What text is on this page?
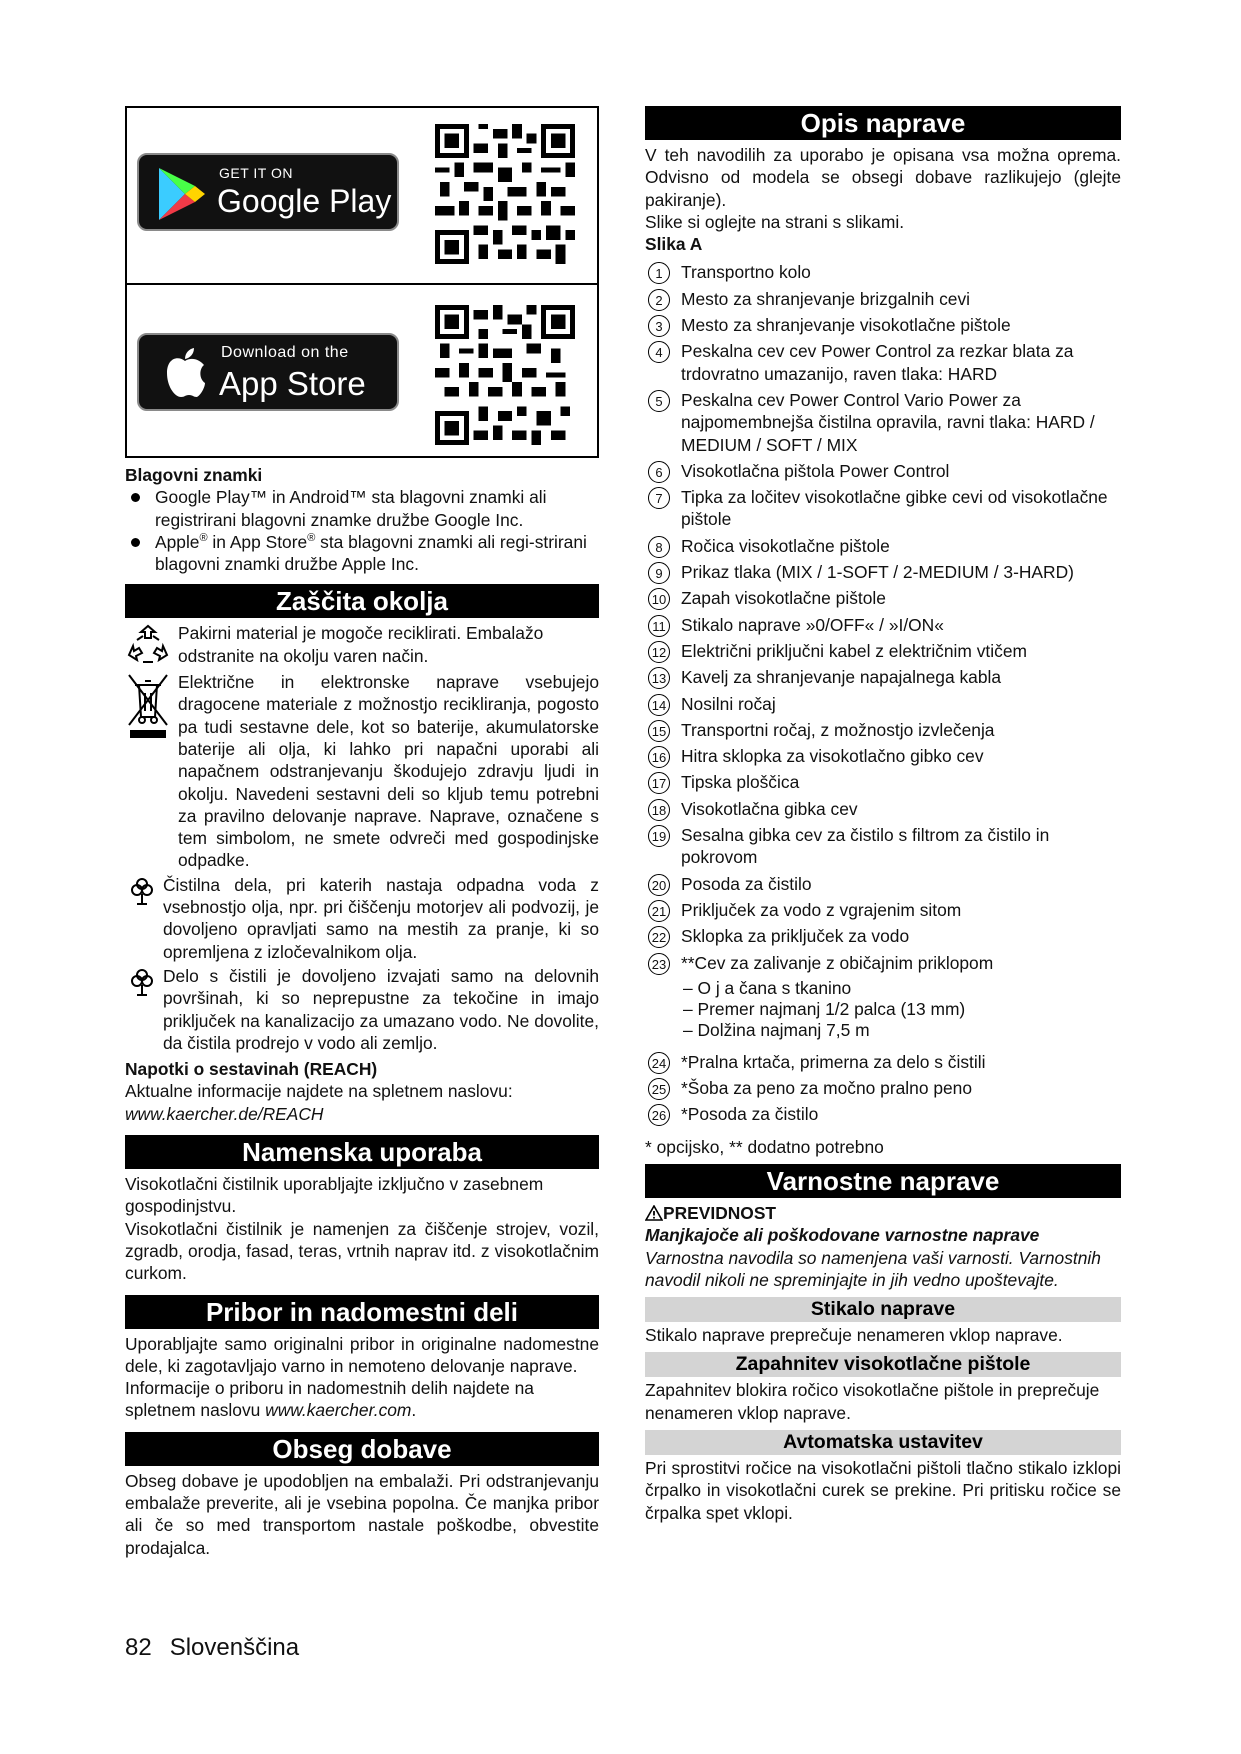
GET IT ON
Google Play
Download on the
App Store

Blagovni znamki

Google Play™ in Android™ sta blagovni znamki ali registrirani blagovni znamke družbe Google Inc.
Apple® in App Store® sta blagovni znamki ali regi-strirani blagovni znamki družbe Apple Inc.
Zaščita okolja
Pakirni material je mogoče reciklirati. Embalažo odstranite na okolju varen način.
Električne in elektronske naprave vsebujejo dragocene materiale z možnostjo recikliranja, pogosto pa tudi sestavne dele, kot so baterije, akumulatorske baterije ali olja, ki lahko pri napačni uporabi ali napačnem odstranjevanju škodujejo zdravju ljudi in okolju. Navedeni sestavni deli so kljub temu potrebni za pravilno delovanje naprave. Naprave, označene s tem simbolom, ne smete odvreči med gospodinjske odpadke.
Čistilna dela, pri katerih nastaja odpadna voda z vsebnostjo olja, npr. pri čiščenju motorjev ali podvozij, je dovoljeno opravljati samo na mestih za pranje, ki so opremljena z izločevalnikom olja.
Delo s čistili je dovoljeno izvajati samo na delovnih površinah, ki so neprepustne za tekočine in imajo priključek na kanalizacijo za umazano vodo. Ne dovolite, da čistila prodrejo v vodo ali zemljo.

Napotki o sestavinah (REACH)

Aktualne informacije najdete na spletnem naslovu:

www.kaercher.de/REACH

Namenska uporaba

Visokotlačni čistilnik uporabljajte izključno v zasebnem gospodinjstvu.

Visokotlačni čistilnik je namenjen za čiščenje strojev, vozil, zgradb, orodja, fasad, teras, vrtnih naprav itd. z visokotlačnim curkom.

Pribor in nadomestni deli

Uporabljajte samo originalni pribor in originalne nadomestne dele, ki zagotavljajo varno in nemoteno delovanje naprave.

Informacije o priboru in nadomestnih delih najdete na spletnem naslovu www.kaercher.com.

Obseg dobave

Obseg dobave je upodobljen na embalaži. Pri odstranjevanju embalaže preverite, ali je vsebina popolna. Če manjka pribor ali če so med transportom nastale poškodbe, obvestite prodajalca.

Opis naprave

V teh navodilih za uporabo je opisana vsa možna oprema. Odvisno od modela se obsegi dobave razlikujejo (glejte pakiranje).

Slike si oglejte na strani s slikami.

Slika A

1	Transportno kolo
2	Mesto za shranjevanje brizgalnih cevi
3	Mesto za shranjevanje visokotlačne pištole
4	Peskalna cev cev Power Control za rezkar blata za trdovratno umazanijo, raven tlaka: HARD
5	Peskalna cev Power Control Vario Power za najpomembnejša čistilna opravila, ravni tlaka: HARD / MEDIUM / SOFT / MIX
6	Visokotlačna pištola Power Control
7	Tipka za ločitev visokotlačne gibke cevi od visokotlačne pištole
8	Ročica visokotlačne pištole
9	Prikaz tlaka (MIX / 1-SOFT / 2-MEDIUM / 3-HARD)
10 Zapah visokotlačne pištole
11 Stikalo naprave »0/OFF« / »I/ON«
12 Električni priključni kabel z električnim vtičem
13 Kavelj za shranjevanje napajalnega kabla
14 Nosilni ročaj
15 Transportni ročaj, z možnostjo izvlečenja
16 Hitra sklopka za visokotlačno gibko cev
17 Tipska ploščica
18 Visokotlačna gibka cev
19 Sesalna gibka cev za čistilo s filtrom za čistilo in pokrovom
20 Posoda za čistilo
21 Priključek za vodo z vgrajenim sitom
22 Sklopka za priključek za vodo
23 **Cev za zalivanje z običajnim priklopom
– O j a čana s tkanino
– Premer najmanj 1/2 palca (13 mm)
– Dolžina najmanj 7,5 m
24 *Pralna krtača, primerna za delo s čistili
25 *Šoba za peno za močno pralno peno
26 *Posoda za čistilo

* opcijsko, ** dodatno potrebno

Varnostne naprave

PREVIDNOST

Manjkajoče ali poškodovane varnostne naprave

Varnostna navodila so namenjena vaši varnosti. Varnostnih navodil nikoli ne spreminjajte in jih vedno upoštevajte.

Stikalo naprave

Stikalo naprave preprečuje nenameren vklop naprave.

Zapahnitev visokotlačne pištole

Zapahnitev blokira ročico visokotlačne pištole in preprečuje nenameren vklop naprave.

Avtomatska ustavitev

Pri sprostitvi ročice na visokotlačni pištoli tlačno stikalo izklopi črpalko in visokotlačni curek se prekine. Pri pritisku ročice se črpalka spet vklopi.

82 Slovenščina
